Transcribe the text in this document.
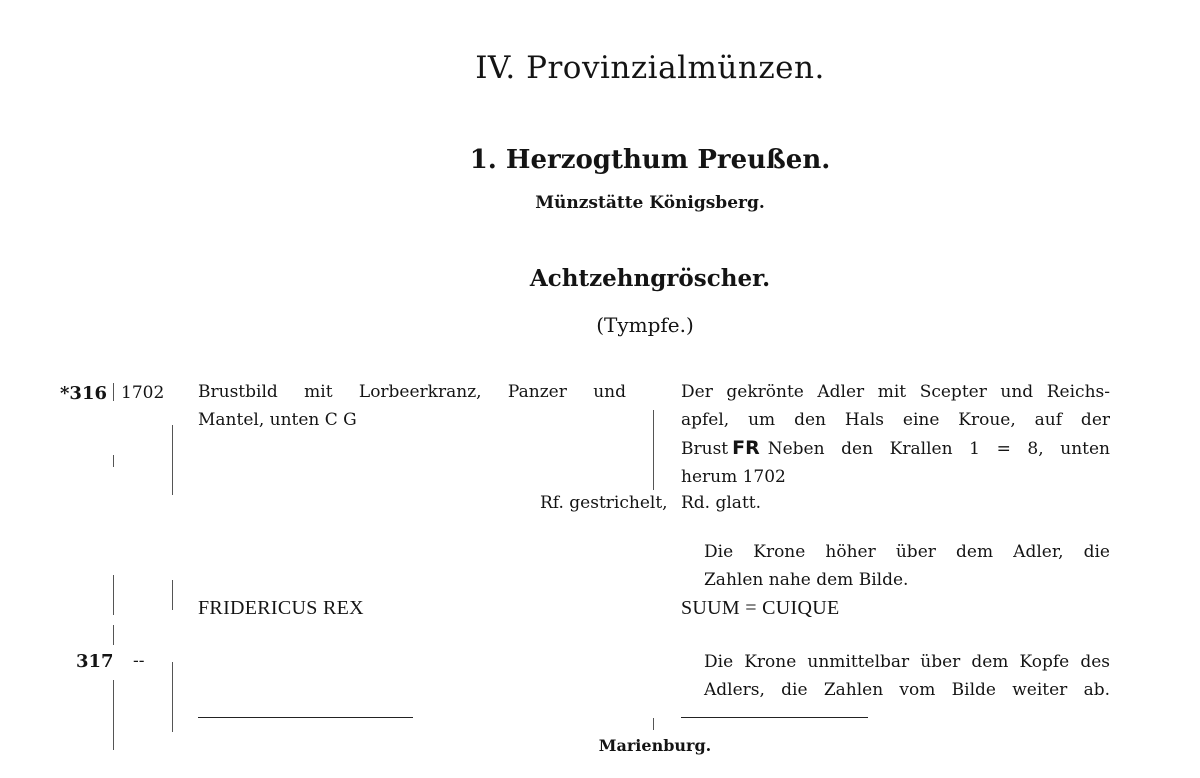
IV. Provinzialmünzen.
1. Herzogthum Preußen.
Münzstätte Königsberg.
Achtzehngröscher.
(Tympfe.)
*316 1702 Brustbild mit Lorbeerkranz, Panzer und
Mantel, unten C G
Der gekrönte Adler mit Scepter und Reichs-
apfel, um den Hals eine Kroue, auf der
Brust FR Neben den Krallen 1 = 8, unten
herum 1702
Rf. gestrichelt, Rd. glatt.
Die Krone höher über dem Adler, die
Zahlen nahe dem Bilde.
FRIDERICUS REX	SUUM = CUIQUE
317 --	Die Krone unmittelbar über dem Kopfe des
Adlers, die Zahlen vom Bilde weiter ab.
Marienburg.
